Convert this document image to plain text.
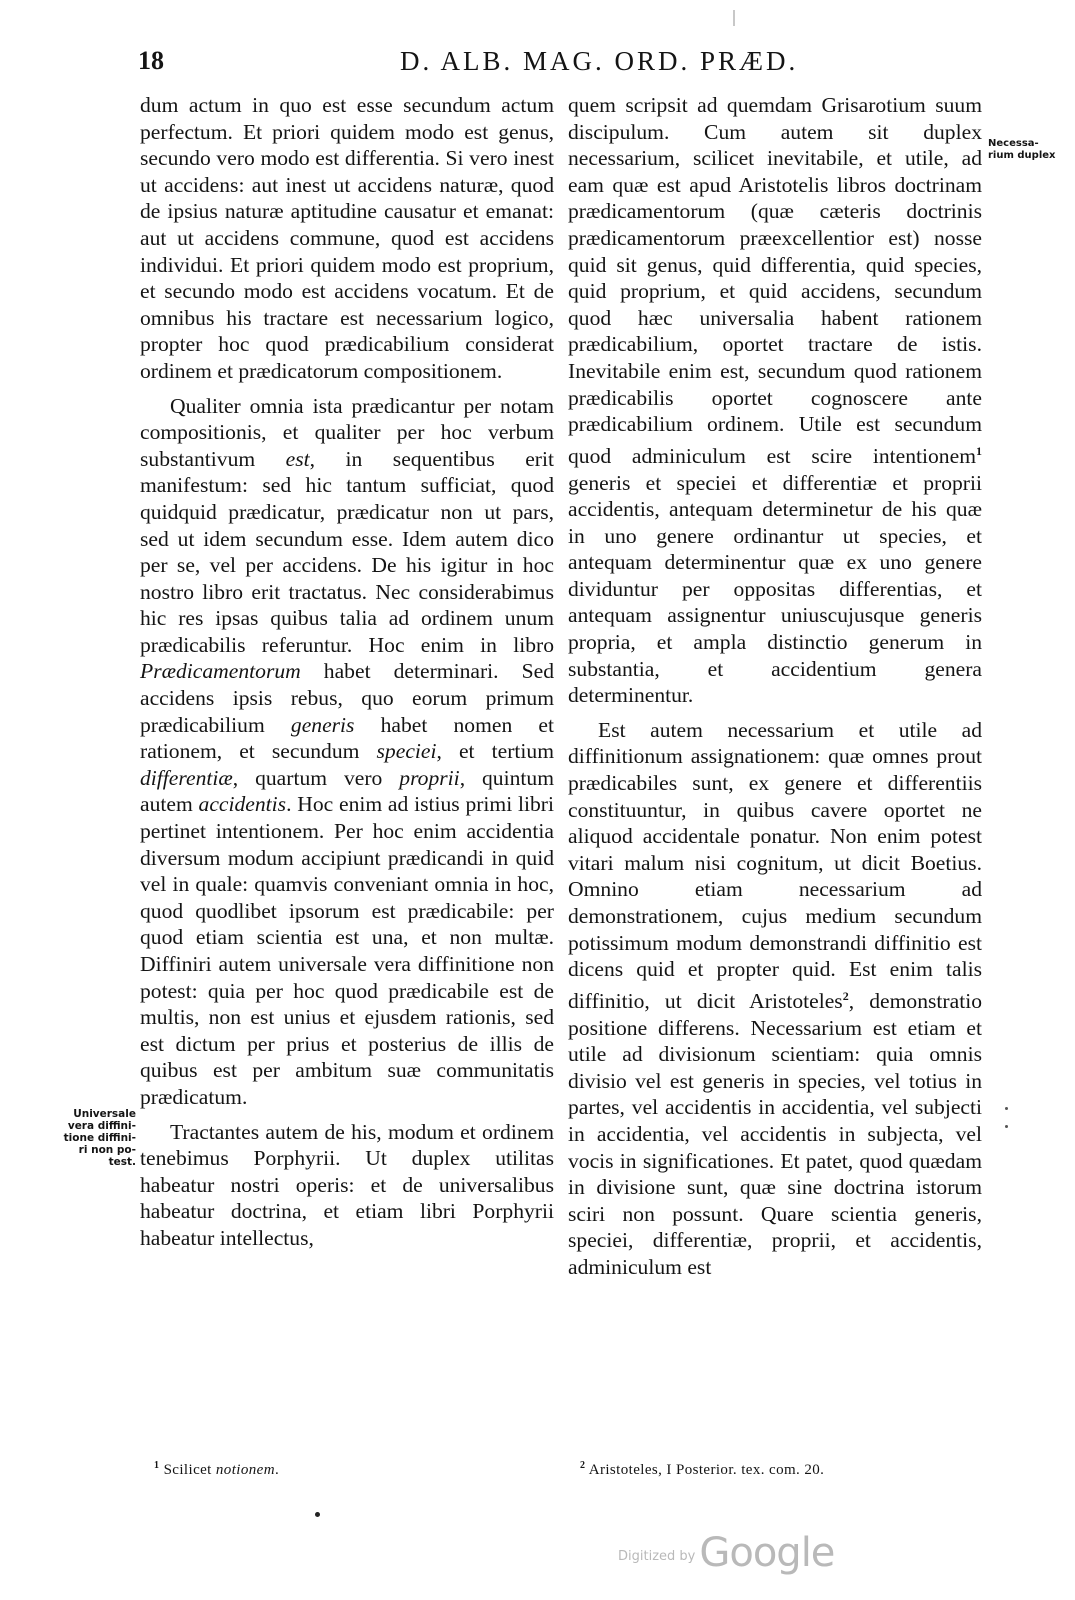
18	D. ALB. MAG. ORD. PRÆD.

dum actum in quo est esse secundum actum perfectum. Et priori quidem modo est genus, secundo vero modo est differentia. Si vero inest ut accidens: aut inest ut accidens naturæ, quod de ipsius naturæ aptitudine causatur et emanat: aut ut accidens commune, quod est accidens individui. Et priori quidem modo est proprium, et secundo modo est accidens vocatum. Et de omnibus his tractare est necessarium logico, propter hoc quod prædicabilium considerat ordinem et prædicatorum compositionem.

Qualiter omnia ista prædicantur per notam compositionis, et qualiter per hoc verbum substantivum est, in sequentibus erit manifestum: sed hic tantum sufficiat, quod quidquid prædicatur, prædicatur non ut pars, sed ut idem secundum esse. Idem autem dico per se, vel per accidens. De his igitur in hoc nostro libro erit tractatus. Nec considerabimus hic res ipsas quibus talia ad ordinem unum prædicabilis referuntur. Hoc enim in libro Prædicamentorum habet determinari. Sed accidens ipsis rebus, quo eorum primum prædicabilium generis habet nomen et rationem, et secundum speciei, et tertium differentiæ, quartum vero proprii, quintum autem accidentis. Hoc enim ad istius primi libri pertinet intentionem. Per hoc enim accidentia diversum modum accipiunt prædicandi in quid vel in quale: quamvis conveniant omnia in hoc, quod quodlibet ipsorum est prædicabile: per quod etiam scientia est una, et non multæ. Diffiniri autem universale vera diffinitione non potest: quia per hoc quod prædicabile est de multis, non est unius et ejusdem rationis, sed est dictum per prius et posterius de illis de quibus est per ambitum suæ communitatis prædicatum.

Tractantes autem de his, modum et ordinem tenebimus Porphyrii. Ut duplex utilitas habeatur nostri operis: et de universalibus habeatur doctrina, et etiam libri Porphyrii habeatur intellectus,

quem scripsit ad quemdam Grisarotium suum discipulum. Cum autem sit duplex necessarium, scilicet inevitabile, et utile, ad eam quæ est apud Aristotelis libros doctrinam prædicamentorum (quæ cæteris doctrinis prædicamentorum præexcellentior est) nosse quid sit genus, quid differentia, quid species, quid proprium, et quid accidens, secundum quod hæc universalia habent rationem prædicabilium, oportet tractare de istis. Inevitabile enim est, secundum quod rationem prædicabilis oportet cognoscere ante prædicabilium ordinem. Utile est secundum quod adminiculum est scire intentionem$^1$ generis et speciei et differentiæ et proprii accidentis, antequam determinetur de his quæ in uno genere ordinantur ut species, et antequam determinentur quæ ex uno genere dividuntur per oppositas differentias, et antequam assignentur uniuscujusque generis propria, et ampla distinctio generum in substantia, et accidentium genera determinentur.

Est autem necessarium et utile ad diffinitionum assignationem: quæ omnes prout prædicabiles sunt, ex genere et differentiis constituuntur, in quibus cavere oportet ne aliquod accidentale ponatur. Non enim potest vitari malum nisi cognitum, ut dicit Boetius. Omnino etiam necessarium ad demonstrationem, cujus medium secundum potissimum modum demonstrandi diffinitio est dicens quid et propter quid. Est enim talis diffinitio, ut dicit Aristoteles$^2$, demonstratio positione differens. Necessarium est etiam et utile ad divisionum scientiam: quia omnis divisio vel est generis in species, vel totius in partes, vel accidentis in accidentia, vel subjecti in accidentia, vel accidentis in subjecta, vel vocis in significationes. Et patet, quod quædam in divisione sunt, quæ sine doctrina istorum sciri non possunt. Quare scientia generis, speciei, differentiæ, proprii, et accidentis, adminiculum est

Universale
vera diffini-
tione diffini-
ri non po-
test.
Necessa-
rium duplex
$^1$ Scilicet notionem.	$^2$ Aristoteles, I Posterior. tex. com. 20.
$^{Digitized by}$ Google
